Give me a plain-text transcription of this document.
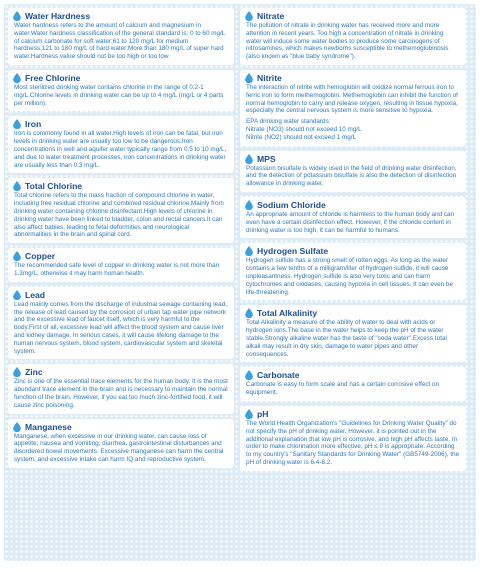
Water Hardness

Water hardness refers to the amount of calcium and magnesium in water.Water hardness classification of the general standard is: 0 to 60 mg/L of calcium carbonate for soft water;61 to 120 mg/L for medium hardness;121 to 180 mg/L of hard water;More than 180 mg/L of super hard water.Hardness value should not be too high or too low.

Free Chlorine

Most sterilized drinking water contains chlorine in the range of 0.2-1 mg/L.Chlorine levels in drinking water can be up to 4 mg/L (mg/L or 4 parts per million).

Iron

Iron is commonly found in all water.High levels of iron can be fatal, but iron levels in drinking water are usually too low to be dangerous.Iron concentrations in well and aquifer water typically range from 0.5 to 10 mg/L, and due to water treatment processes, iron concentrations in drinking water are usually less than 0.3 mg/L.

Total Chlorine

Total chlorine refers to the mass fraction of compound chlorine in water, including free residual chlorine and combined residual chlorine.Mainly from drinking water containing chlorine disinfectant.High levels of chlorine in drinking water have been linked to bladder, colon and rectal cancers.It can also affect babies, leading to fetal deformities and neurological abnormalities in the brain and spinal cord.

Copper

The recommended safe level of copper in drinking water is not more than 1.3mg/L, otherwise it may harm human health.

Lead

Lead mainly comes from the discharge of industrial sewage containing lead, the release of lead caused by the corrosion of urban tap water pipe network and the excessive lead of faucet itself, which is very harmful to the body.First of all, excessive lead will affect the blood system and cause liver and kidney damage. In serious cases, it will cause lifelong damage to the human nervous system, blood system, cardiovascular system and skeletal system.

Zinc

Zinc is one of the essential trace elements for the human body. It is the most abundant trace element in the brain and is necessary to maintain the normal function of the brain. However, if you eat too much zinc-fortified food, it will cause zinc poisoning.

Manganese

Manganese, when excessive in our drinking water, can cause loss of appetite, nausea and vomiting, diarrhea, gastrointestinal disturbances and disordered bowel movements. Excessive manganese can harm the central system, and excessive intake can harm IQ and reproductive system.

Nitrate

The pollution of nitrate in drinking water has received more and more attention in recent years. Too high a concentration of nitrate in drinking water will induce some water bodies to produce some carcinogens of nitrosamines, which makes newborns susceptible to methemoglobinosis (also known as "blue baby syndrome").

Nitrite

The interaction of nitrite with hemoglobin will oxidize normal ferrous iron to ferric iron to form methemoglobin. Methemoglobin can inhibit the function of normal hemoglobin to carry and release oxygen, resulting in tissue hypoxia, especially the central nervous system is more sensitive to hypoxia.

EPA drinking water standards:
Nitrate (NO3) should not exceed 10 mg/L
Nitrite (NO2) should not exceed 1 mg/L

MPS

Potassium bisulfate is widely used in the field of drinking water disinfection, and the detection of potassium bisulfate is also the detection of disinfection allowance in drinking water.

Sodium Chloride

An appropriate amount of chloride is harmless to the human body and can even have a certain disinfection effect. However, if the chloride content in drinking water is too high, it can be harmful to humans.

Hydrogen Sulfate

Hydrogen sulfide has a strong smell of rotten eggs. As long as the water contains a few tenths of a milligram/liter of hydrogen sulfide, it will cause unpleasantness. Hydrogen sulfide is also very toxic and can harm cytochromes and oxidases, causing hypoxia in cell tissues. It can even be life-threatening.

Total Alkalinity

Total Alkalinity a measure of the ability of water to deal with acids or hydrogen ions.The base in the water helps to keep the pH of the water stable.Strongly alkaline water has the taste of "soda water".Excess total alkali may result in dry skin, damage to water pipes and other consequences.

Carbonate

Carbonate is easy to form scale and has a certain corrosive effect on equipment.

pH

The World Health Organization's "Guidelines for Drinking Water Quality" do not specify the pH of drinking water. However, it is pointed out in the additional explanation that low pH is corrosive, and high pH affects taste. In order to make chlorination more effective, pH ≤ 8 is appropriate. According to my country's "Sanitary Standards for Drinking Water" (GB5749-2006), the pH of drinking water is 6.4-8.2.
